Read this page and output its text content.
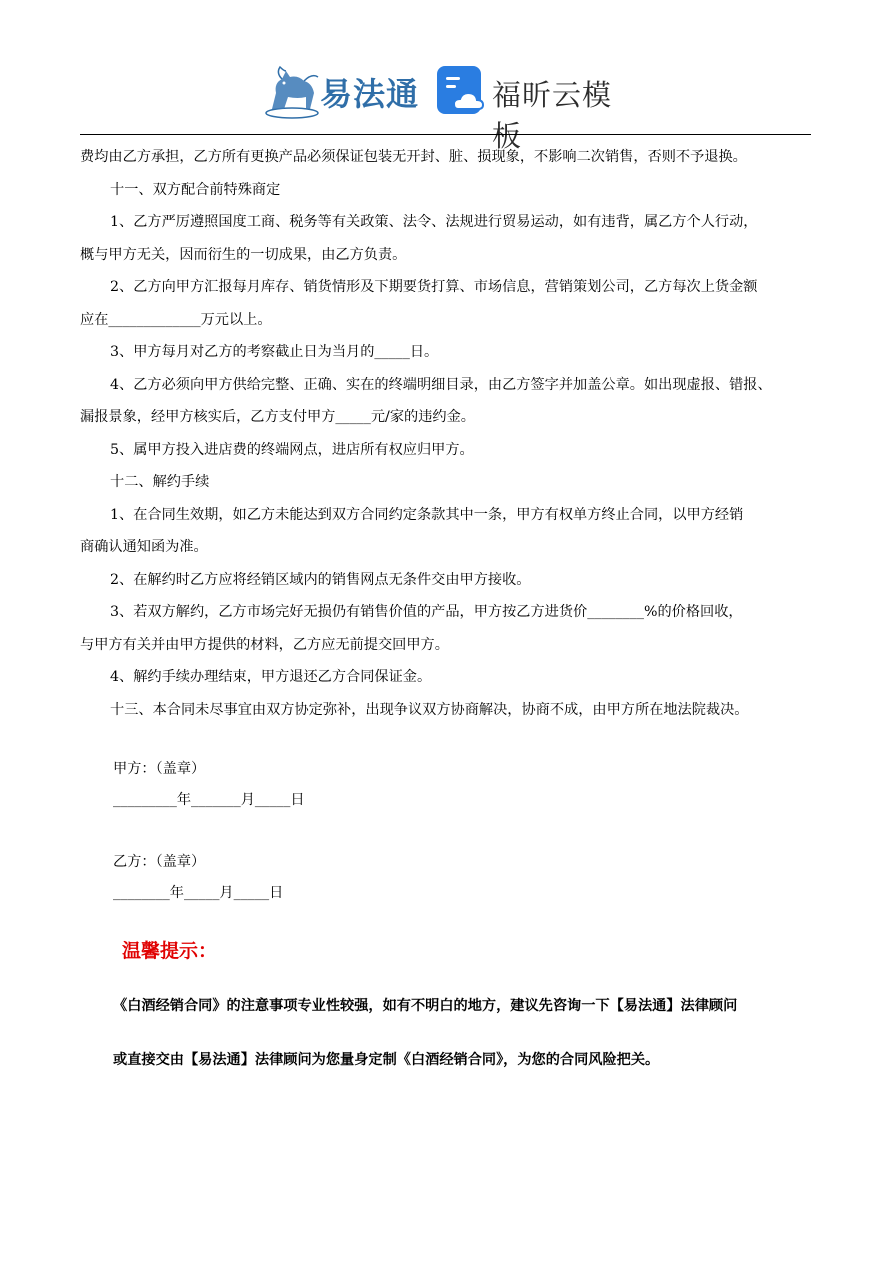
易法通	福昕云模板

费均由乙方承担，乙方所有更换产品必须保证包装无开封、脏、损现象，不影响二次销售，否则不予退换。

十一、双方配合前特殊商定

1、乙方严厉遵照国度工商、税务等有关政策、法令、法规进行贸易运动，如有违背，属乙方个人行动，

概与甲方无关，因而衍生的一切成果，由乙方负责。

2、乙方向甲方汇报每月库存、销货情形及下期要货打算、市场信息，营销策划公司，乙方每次上货金额

应在_____________万元以上。

3、甲方每月对乙方的考察截止日为当月的_____日。

4、乙方必须向甲方供给完整、正确、实在的终端明细目录，由乙方签字并加盖公章。如出现虚报、错报、

漏报景象，经甲方核实后，乙方支付甲方_____元/家的违约金。

5、属甲方投入进店费的终端网点，进店所有权应归甲方。

十二、解约手续

1、在合同生效期，如乙方未能达到双方合同约定条款其中一条，甲方有权单方终止合同，以甲方经销

商确认通知函为准。

2、在解约时乙方应将经销区域内的销售网点无条件交由甲方接收。

3、若双方解约，乙方市场完好无损仍有销售价值的产品，甲方按乙方进货价________%的价格回收，

与甲方有关并由甲方提供的材料，乙方应无前提交回甲方。

4、解约手续办理结束，甲方退还乙方合同保证金。

十三、本合同未尽事宜由双方协定弥补，出现争议双方协商解决，协商不成，由甲方所在地法院裁决。

甲方：（盖章）
_________年_______月_____日
乙方：（盖章）
________年_____月_____日
温馨提示：
《白酒经销合同》的注意事项专业性较强，如有不明白的地方，建议先咨询一下【易法通】法律顾问
或直接交由【易法通】法律顾问为您量身定制《白酒经销合同》，为您的合同风险把关。
